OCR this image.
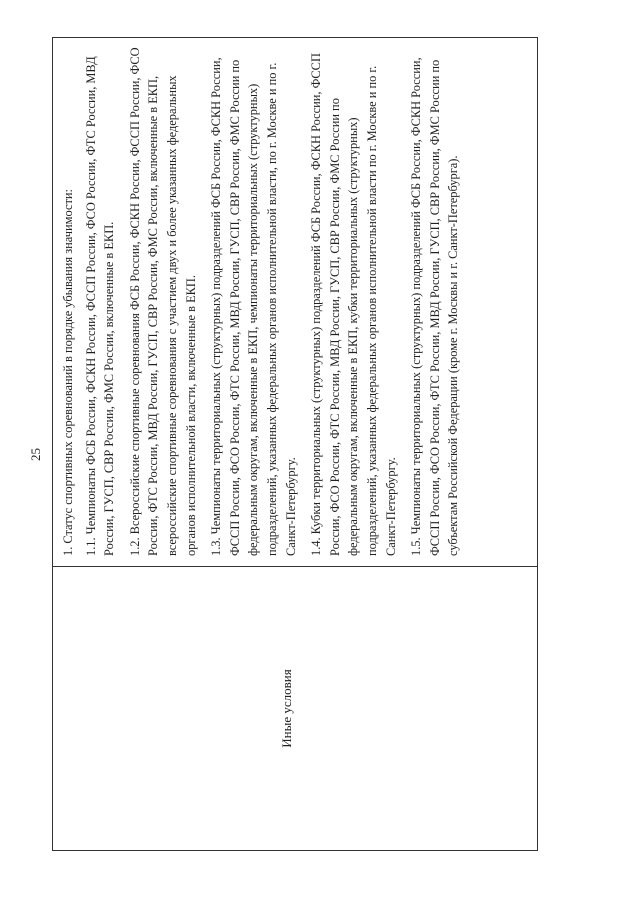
25
Иные условия

1. Статус спортивных соревнований в порядке убывания значимости: 1.1. Чемпионаты ФСБ России, ФСКН России, ФССП России, ФСО России, ФТС России, МВД России, ГУСП, СВР России, ФМС России, включенные в ЕКП. 1.2. Всероссийские спортивные соревнования ФСБ России, ФСКН России, ФССП России, ФСО России, ФТС России, МВД России, ГУСП, СВР России, ФМС России, включенные в ЕКП, всероссийские спортивные соревнования с участием двух и более указанных федеральных органов исполнительной власти, включенные в ЕКП. 1.3. Чемпионаты территориальных (структурных) подразделений ФСБ России, ФСКН России, ФССП России, ФСО России, ФТС России, МВД России, ГУСП, СВР России, ФМС России по федеральным округам, включенные в ЕКП, чемпионаты территориальных (структурных) подразделений, указанных федеральных органов исполнительной власти, по г. Москве и по г. Санкт-Петербургу. 1.4. Кубки территориальных (структурных) подразделений ФСБ России, ФСКН России, ФССП России, ФСО России, ФТС России, МВД России, ГУСП, СВР России, ФМС России по федеральным округам, включенные в ЕКП, кубки территориальных (структурных) подразделений, указанных федеральных органов исполнительной власти по г. Москве и по г. Санкт-Петербургу. 1.5. Чемпионаты территориальных (структурных) подразделений ФСБ России, ФСКН России, ФССП России, ФСО России, ФТС России, МВД России, ГУСП, СВР России, ФМС России по субъектам Российской Федерации (кроме г. Москвы и г. Санкт-Петербурга).
